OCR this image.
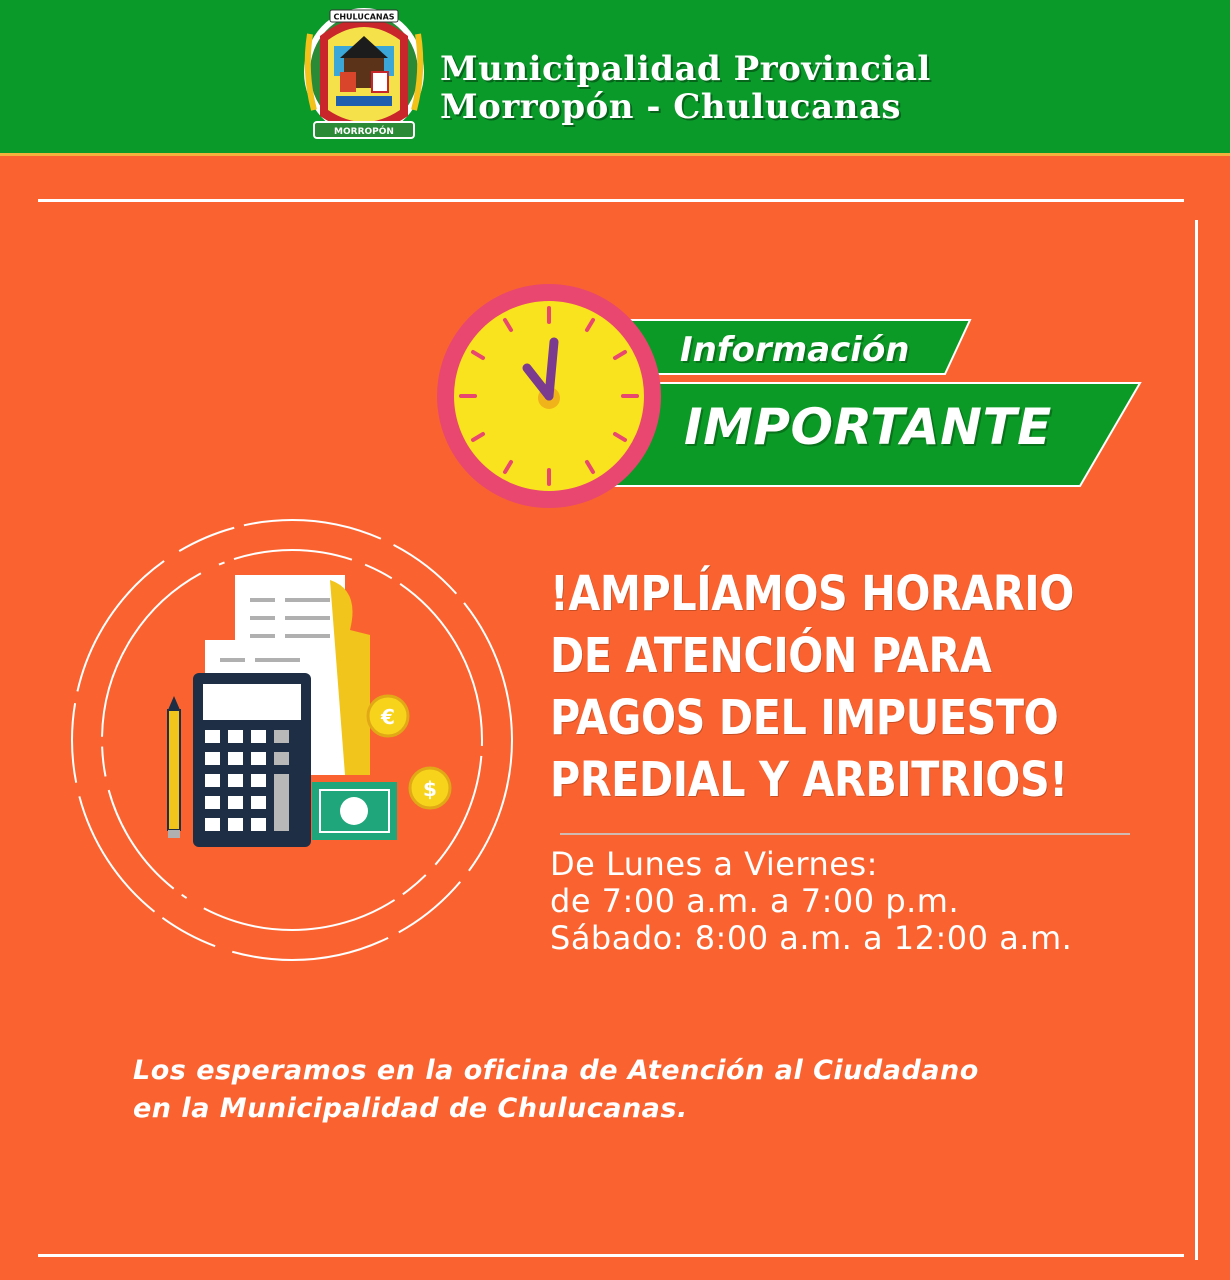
CHULUCANAS
MORROPÓN
Municipalidad Provincial
Morropón - Chulucanas
Información
IMPORTANTE
€
$
!AMPLÍAMOS HORARIO
DE ATENCIÓN PARA
PAGOS DEL IMPUESTO
PREDIAL Y ARBITRIOS!
De Lunes a Viernes:
de 7:00 a.m. a 7:00 p.m.
Sábado: 8:00 a.m. a 12:00 a.m.
Los esperamos en la oficina de Atención al Ciudadano
en la Municipalidad de Chulucanas.
